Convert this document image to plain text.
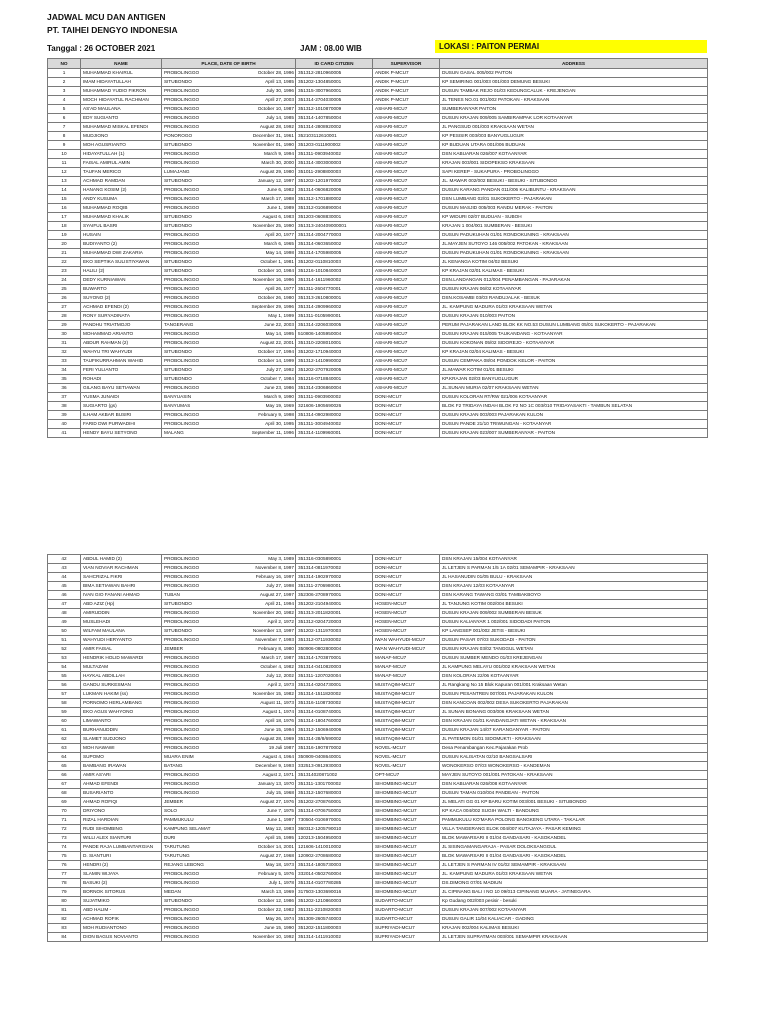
JADWAL MCU DAN ANTIGEN
PT. TAIHEI DENGYO INDONESIA
Tanggal : 26 OCTOBER 2021	JAM : 08.00 WIB	LOKASI : PAITON PERMAI
NO	NAME	PLACE, DATE OF BIRTH	ID CARD CITIZEN	SUPERVISOR	ADDRESS
1	MUHAMMAD KHAIRUL	PROBOLINGGO October 28, 1996	351312-2810960005	ANDIK P-MCU7	DUSUN GASAL 005/002 PAITON
2	IMAM HIDAYATULLAH	SITUBONDO April 13, 1985	351202-1304850001	ANDIK P-MCU7	KP SEMIRING 001/003 001/003 DEMUNG BESUKI
3	MUHAMMAD YUDIO FIKRON	PROBOLINGGO July 30, 1996	351315-3007960001	ANDIK P-MCU7	DUSUN TAMBAK REJO 01/03 KEDUNGCALUK - KREJENGAN
4	MOCH HIDAYATUL RACHMAN	PROBOLINGGO April 27, 2003	351314-2704030005	ANDIK P-MCU7	JL TENES NO.01 001/002 PATOKAN - KRAKSAAN
5	AS'AD MAULANA	PROBOLINGGO October 10, 1987	351312-1010870009	ASHARI-MCU7	SUMBERANYAR PAITON
6	EDY SUGIANTO	PROBOLINGGO July 14, 1985	351314-1407850004	ASHARI-MCU7	DUSUN KRAJAN 009/005 SAMBIRAMPAK LOR KOTAANYAR
7	MUHAMMAD MISKAL EFENDI	PROBOLINGGO August 28, 1992	351314-2808920002	ASHARI-MCU7	JL PANGSUD 001/003 KRAKSAAN WETAN
8	MUDJIONO	PONOROGO December 31, 1961	352103112610001	ASHARI-MCU7	KP PESISIR 003/003 BANYUGLUGUR
9	MOH AGUSRIANTO	SITUBONDO November 01, 1990	351203-0111900002	ASHARI-MCU7	KP BUDUAN UTARA 001/006 BUDUAN
10	HIDAYATULLAH (1)	PROBOLINGGO March 9, 1994	351311-0903940002	ASHARI-MCU7	DSN KABUARAN 026/007 KOTAANYAR
11	FAISAL AMIRUL AMIN	PROBOLINGGO March 30, 2000	351314-3003000003	ASHARI-MCU7	KRAJAN 003/001 SIDOPEKSO KRAKSAAN
12	TAUFAN MERICO	LUMAJANG August 29, 1980	351011-2908800003	ASHARI-MCU7	SAPI KEREP - SUKAPURA - PROBOLINGGO
13	ACHMAD RAMDAN	SITUBONDO January 12, 1997	351202-1201970002	ASHARI-MCU7	JL. MAWAR 002/002 BESUKI - BESUKI - SITUBONDO
14	HANANG KOSIM (2)	PROBOLINGGO June 6, 1982	351314-0606820006	ASHARI-MCU7	DUSUN KARANG PANDAN 011/006 KALIBUNTU - KRAKSAAN
15	ANDY KUSUMA	PROBOLINGGO March 17, 1988	351312-1701880002	ASHARI-MCU7	DSN LUMBANG 02/01 SUKOKERTO - PAJARAKAN
16	MUHAMMAD ROQIB	PROBOLINGGO June 1, 1989	351312-0106890004	ASHARI-MCU7	DUSUN MASJID 005/003 RANDU MERAK - PAITON
17	MUHAMMAD KHALIK	SITUBONDO August 6, 1983	351203-0608830001	ASHARI-MCU7	KP WIDURI 02/07 BUDUAN - SUBOH
18	SYAIFUL BASRI	SITUBONDO November 25, 1990	351313-240409000001	ASHARI-MCU7	KRAJAN 1 004/001 SUMBERAN - BESUKI
19	HUSAIN	PROBOLINGGO April 20, 1977	351314-2004770003	ASHARI-MCU7	DUSUN PADUKUHAN 01/01 RONDOKUNING - KRAKSAAN
20	BUDIYANTO (2)	PROBOLINGGO March 6, 1965	351314-0603650002	ASHARI-MCU7	JL.MAYJEN SUTOYO 146 005/002 PATOKAN - KRAKSAAN
21	MUHAMMAD DWI ZAKARIA	PROBOLINGGO May 14, 1998	351314-1705980005	ASHARI-MCU7	DUSUN PADUKUHAN 01/01 RONDOKUNING - KRAKSAAN
22	EKO SEPTIKA SULISTIYAWAN	SITUBONDO October 1, 1981	351202-0110810003	ASHARI-MCU7	JL KENANGA KOTIM 04/02 BESUKI
23	HALILI (2)	SITUBONDO October 10, 1984	351216-1010840003	ASHARI-MCU7	KP KRAJAN 02/01 KALIMAS - BESUKI
24	DEDY KURNIAWAN	PROBOLINGGO November 16, 1996	351314-1611960002	ASHARI-MCU7	DSN.LANDANGAN 012/004 PENAMBANGAN - PAJARAKAN
25	BUWARTO	PROBOLINGGO April 26, 1977	351311-2604770001	ASHARI-MCU7	DUSUN KRAJAN 06/02 KOTAANYAR
26	SUYONO (2)	PROBOLINGGO October 26, 1980	351313-2610800001	ASHARI-MCU7	DSN.KOSAMBI 03/03 RANDUJALAK - BESUK
27	ACHMAD EFENDI (2)	PROBOLINGGO September 29, 1996	351314-2909960002	ASHARI-MCU7	JL. KAMPUNG MADURA 01/03 KRAKSAAN WETAN
28	RONY SURYADINATA	PROBOLINGGO May 1, 1999	351311-0105990001	ASHARI-MCU7	DUSUN KRAJAN 010/003 PAITON
29	PANDHU TRIATMOJO	TANGERANG June 22, 2003	351314-2206030005	ASHARI-MCU7	PERUM PAJARAKAN LAND BLOK KK NO.53 DUSUN LUMBANG 05/01 SUKOKERTO - PAJARAKAN
30	MOHAMMAD ARIANTO	PROBOLINGGO May 14, 1995	510806-1405950004	ASHARI-MCU7	DUSUN KRAJAN 015/005 TAUKANDANG - KOTAANYAR
31	ABDUR RAHMAN (2)	PROBOLINGGO August 22, 2001	351310-2208010001	ASHARI-MCU7	DUSUN KOKONAN 05/02 SIDOREJO - KOTAANYAR
32	WAHYU TRI WAHYUDI	SITUBONDO October 17, 1994	351202-1710940003	ASHARI-MCU7	KP KRAJAN 02/04 KALIMAS - BESUKI
33	TAUFIKURRAHMAN WAHID	PROBOLINGGO October 14, 1999	351312-1410990002	ASHARI-MCU7	DUSUN CEMPAKA 08/04 PONDOK KELOR - PAITON
34	FERI YULIANTO	SITUBONDO July 27, 1992	351202-2707920005	ASHARI-MCU7	JL.MAWAR KOTIM 01/01 BESUKI
35	ROHADI	SITUBONDO October 7, 1984	351216-0718840001	ASHARI-MCU7	KP.KRAJAN 02/03 BANYUGLUGUR
36	GILANG BAYU SETIAWAN	PROBOLINGGO June 23, 1986	351314-2306860004	ASHARI-MCU7	JL.SUNAN MURIA 02/07 KRAKSAAN WETAN
37	YUSMA JUNAIDI	BANYUASIN March 9, 1990	351311-0903900002	DONI-MCU7	DUSUN KOLORAN RT/RW 021/006 KOTAANYAR
38	SUGIARTO (gs)	BANYUMAS May 19, 1969	321606-1905690026	DONI-MCU7	BLOK F2 TRIDAYA INDAH BLOK F2 NO 1C 003/010 TRIDAYASAKTI - TAMBUN SELATAN
39	ILHAM AKBAR BUSIRI	PROBOLINGGO February 9, 1998	351314-0902980002	DONI-MCU7	DUSUN KRAJAN 003/003 PAJARAKAN KULON
40	FARID DWI PURWADIHI	PROBOLINGGO April 30, 1995	351311-3004940002	DONI-MCU7	DUSUN PANDE 21/10 TRIWUNGAN - KOTAANYAR
41	HENDY BAYU SETYONO	MALANG September 11, 1996	351314-1109960001	DONI-MCU7	DUSUN KRAJAN 023/007 SUMBERANYAR - PAITON
42	ABDUL HAMID (2)	PROBOLINGGO May 3, 1989	351316-0305890001	DONI-MCU7	DSN KRAJAN 15/004 KOTAANYAR
43	VIAN NOVIAR RACHMAN	PROBOLINGGO November 8, 1997	351314-0811970002	DONI-MCU7	JL LETJEN S PARMAN 1/5 1A 02/01 SEMAMPIR - KRAKSAAN
44	SAHCRIZAL FIKRI	PROBOLINGGO February 16, 1997	351314-1902970002	DONI-MCU7	JL HASANUDIN 01/05 BULU - KRAKSAAN
45	BIMA SETIAWAN BAHRI	PROBOLINGGO July 27, 1998	351311-2706980001	DONI-MCU7	DSN KRAJAN 12/03 KOTAANYAR
46	IVAN GIO FANANI AHMAD	TUBAN August 27, 1997	352306-2708970001	DONI-MCU7	DSN KARANG TAWANG 03/01 TAMBAKBOYO
47	ABD AZIZ (Hp)	SITUBONDO April 21, 1994	351202-2104940001	HOSEN-MCU7	JL TANJUNG KOTIM 002/004 BESUKI
48	AMIRUDDIN	PROBOLINGGO November 20, 1982	351313-2011820001	HOSEN-MCU7	DUSUN KRAJAN 009/002 SUMBERAN BESUK
49	MUSLEHADI	PROBOLINGGO April 2, 1972	351312-0204720003	HOSEN-MCU7	DUSUN KALIANYAR 1 002/001 SIDODADI PAITON
50	WILFAM MAULANA	SITUBONDO November 13, 1997	351202-1311970003	HOSEN-MCU7	KP LANGSEP 001/002 JETIS - BESUKI
51	WAHYUDI HERYANTO	PROBOLINGGO November 7, 1993	351312-0711930002	IWAN WAHYUDI-MCU7	DUSUN PASAR 07/03 SUKODADI - PAITON
52	AMIR FAISAL	JEMBER February 8, 1980	350906-0802800004	IWAN WAHYUDI-MCU7	DUSUN KRAJAN 03/02 TANGGUL WETAN
53	HENDRIK HOLID MAWARDI	PROBOLINGGO March 17, 1987	351314-1703870001	MANAF-MCU7	DUSUN SUMBER MENDO 01/03 KREJENGAN
54	MULTAZAM	PROBOLINGGO October 4, 1982	351314-0410820003	MANAF-MCU7	JL KAMPUNG MELAYU 001/002 KRAKSAAN WETAN
55	HAYKAL ABDILLAH	PROBOLINGGO July 12, 2002	351311-1207020004	MANAF-MCU7	DSN KOLORAN 22/06 KOTAANYAR
56	GANDU SURKESMAN	PROBOLINGGO April 2, 1973	351314-0204730001	MUSTAQIM-MCU7	JL Rangkang No 15 Blok Kapuran 001/001 Kraksaan Wetan
57	LUKMAN HAKIM (ss)	PROBOLINGGO November 15, 1982	351314-1511820002	MUSTAQIM-MCU7	DUSUN PESANTREN 007/001 PAJARAKAN KULON
58	PORNOMO HERLAMBANG	PROBOLINGGO August 11, 1973	351316-1108730002	MUSTAQIM-MCU7	DSN KANCOAN 002/002 DESA SUKOKERTO PAJARAKAN
59	EKO AGUS WAHYONO	PROBOLINGGO August 1, 1974	351314-0108740001	MUSTAQIM-MCU7	JL SUNAN BONANG 003/006 KRAKSAAN WETAN
60	LIMAWANTO	PROBOLINGGO April 18, 1976	351314-1804760002	MUSTAQIM-MCU7	DSN KRAJAN 01/01 KANDANGJATI WETAN - KRAKSAAN
61	BURHANUDDIN	PROBOLINGGO June 15, 1994	351312-1506940006	MUSTAQIM-MCU7	DUSUN KRAJAN 14/07 KARANGANYAR - PAITON
62	SLAMET SUDJONO	PROBOLINGGO August 28, 1969	351314-28/8/690002	MUSTAQIM-MCU7	JL PATEMON 01/01 SIDOMUKTI - KRAKSAAN
63	MOH NAWAWI	PROBOLINGGO 19 Juli 1987	351316-1907870002	NOVEL-MCU7	Desa Penambangan Kec.Pajarakan Prob
64	SUPOMO	MUARA ENIM August 4, 1964	350909-0408640001	NOVEL-MCU7	DUSUN KALISATAN 02/10 BANGSALSARI
65	BAMBANG IRAWAN	BATANG December 9, 1993	332513-0912930003	NOVEL-MCU7	WONOKERSO 07/03 WONOKERSO - KANDEMAN
66	AMIR AS'ARI	PROBOLINGGO August 2, 1971	351314020871002	OPT-MCU7	MAYJEN SUTOYO 001/001 PATOKAN - KRAKSAAN
67	AHMAD EFENDI	PROBOLINGGO January 13, 1970	351311-1301700002	SIHOMBING-MCU7	DSN KABUARAN 026/008 KOTAANYAR
68	BUSARIANTO	PROBOLINGGO July 15, 1968	351312-1507680003	SIHOMBING-MCU7	DUSUN TAMAN 010/004 PANDEAN - PAITON
69	AHMAD ROFIQI	JEMBER August 27, 1976	351202-2708760001	SIHOMBING-MCU7	JL MELATI GG 01 KP BARU KOTIM 003/001 BESUKI - SITUBONDO
70	DRIYONO	SOLO June 7, 1975	351314-0706750002	SIHOMBING-MCU7	KP KACA 004/002 SUGIH WALTI - BANDUNG
71	RIZAL HARDIAN	PAMMUKULU June 1, 1997	730504-0106970001	SIHOMBING-MCU7	PAMMUKULU KO'MARA POLONG BANGKENG UTARA - TAKALAR
72	RUDI SIHOMBING	KAMPUNG SELAMAT May 12, 1983	360312-1205790010	SIHOMBING-MCU7	VILLA TANGERANG ELOK 004/007 KUTAJAYA - PASAR KEMING
73	WILLI ALEX SIANTURI	DURI April 15, 1995	120213-1504950003	SIHOMBING-MCU7	BLOK MAWARSARI II 01/04 GANDASARI - KASOKANDEL
74	PANDE RAJA LUMBANTARGIAN	TARUTUNG October 14, 2001	121606-1410010002	SIHOMBING-MCU7	JL SISINGAMANGARAJA - PASAR DOLOKSANGGUL
75	D. SIANTURI	TARUTUNG August 27, 1968	120902-2708680002	SIHOMBING-MCU7	BLOK MAWARSARI II 01/04 GANDASARI - KASOKANDEL
76	HENDRI (2)	REJANG LEBONG May 18, 1973	351314-1805730003	SIHOMBING-MCU7	JL LETJEN S PARMAN IV 01/02 SEMAMPIR - KRAKSAAN
77	SLAMIN WIJAYA	PROBOLINGGO February 5, 1976	332014-0502760004	SIHOMBING-MCU7	JL. KAMPUNG MADURA 01/03 KRAKSAAN WETAN
78	BASUKI (2)	PROBOLINGGO July 1, 1978	351314-0107780285	SIHOMBING-MCU7	DS.DIMONG 07/01 MADIUN
79	BORNOK SITORUS	MEDAN March 13, 1969	317503-1303690016	SIHOMBING-MCU7	JL CIPINANG BALI I NO 10 09/013 CIPINANG MUARA - JATINEGARA
80	SUJATMIKO	SITUBONDO October 12, 1986	351202-1210860003	SUDARTO-MCU7	Kp Gudang 002/003 pesisir - besuki
81	ABD HALIM -	PROBOLINGGO October 22, 1982	351311-2210820003	SUDARTO-MCU7	DUSUN KRAJAN 007/002 KOTAANYAR
82	ACHMAD ROFIK	PROBOLINGGO May 26, 1974	351309-2605740003	SUDARTO-MCU7	DUSUN GALIR 11/04 KALIACAR - GADING
83	MOH RUDIANTONO	PROBOLINGGO June 15, 1990	351202-1511800003	SUPRIYADI-MCU7	KRAJAN 002/004 KALIMAS BESUKI
84	DION BAGUS NOVIANTO	PROBOLINGGO November 10, 1992	351314-1411910002	SUPRIYADI-MCU7	JL LETJEN SUPRATMAN 003/001 SEMAMPIR KRAKSAAN
